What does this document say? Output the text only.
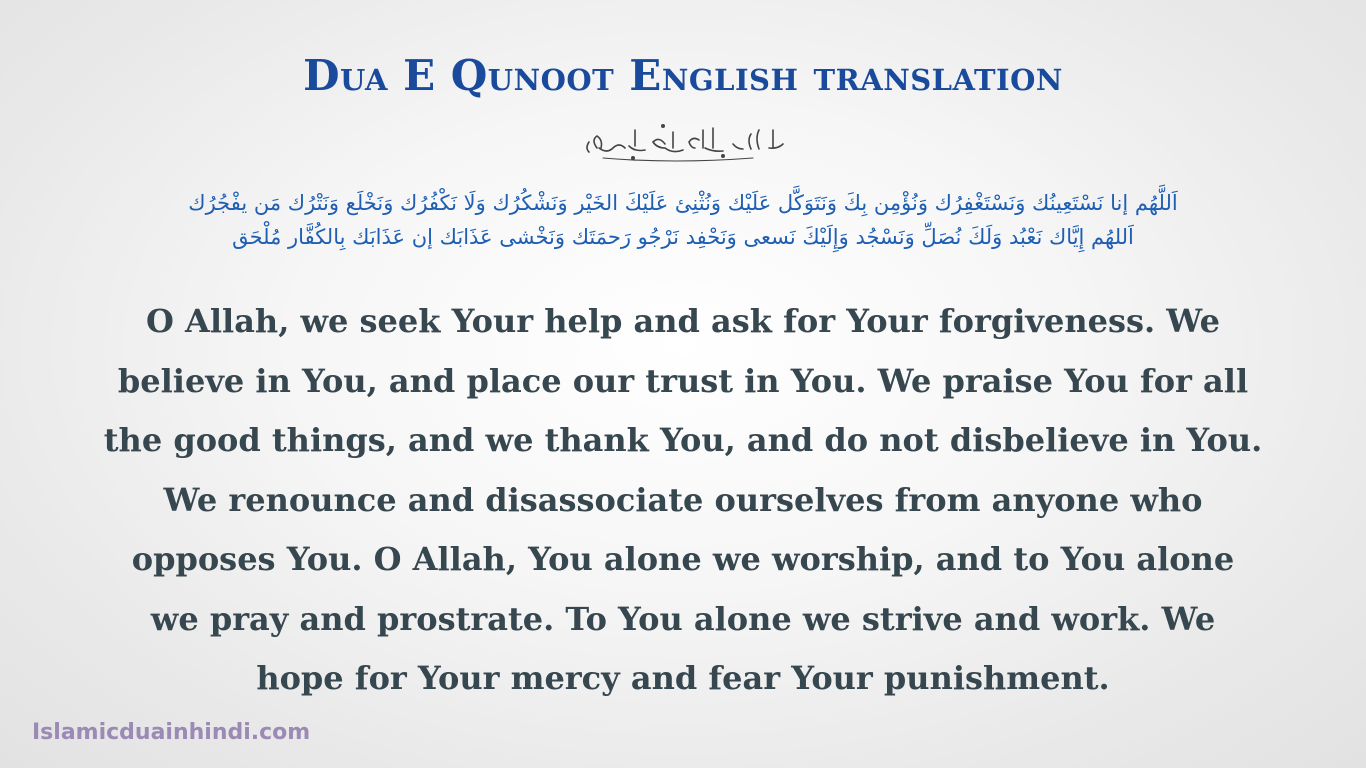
Dua E Qunoot English translation
اَللَّهُم إنا نَسْتَعِينُك وَنَسْتَغْفِرُك وَنُؤْمِن بِكَ وَنَتَوَكَّل عَلَيْك وَنُثْنِئ عَلَيْكَ الخَيْر وَنَشْكُرُك وَلَا نَكْفُرُك وَنَخْلَع وَنَتْرُك مَن يفْجُرُك
اَللهُم إِيَّاك نَعْبُد وَلَكَ نُصَلِّ وَنَسْجُد وَإِلَيْكَ نَسعى وَنَحْفِد نَرْجُو رَحمَتَك وَنَخْشى عَذَابَك إن عَذَابَك بِالكُفَّار مُلْحَق
O Allah, we seek Your help and ask for Your forgiveness. We
believe in You, and place our trust in You. We praise You for all
the good things, and we thank You, and do not disbelieve in You.
We renounce and disassociate ourselves from anyone who
opposes You. O Allah, You alone we worship, and to You alone
we pray and prostrate. To You alone we strive and work. We
hope for Your mercy and fear Your punishment.
Islamicduainhindi.com
